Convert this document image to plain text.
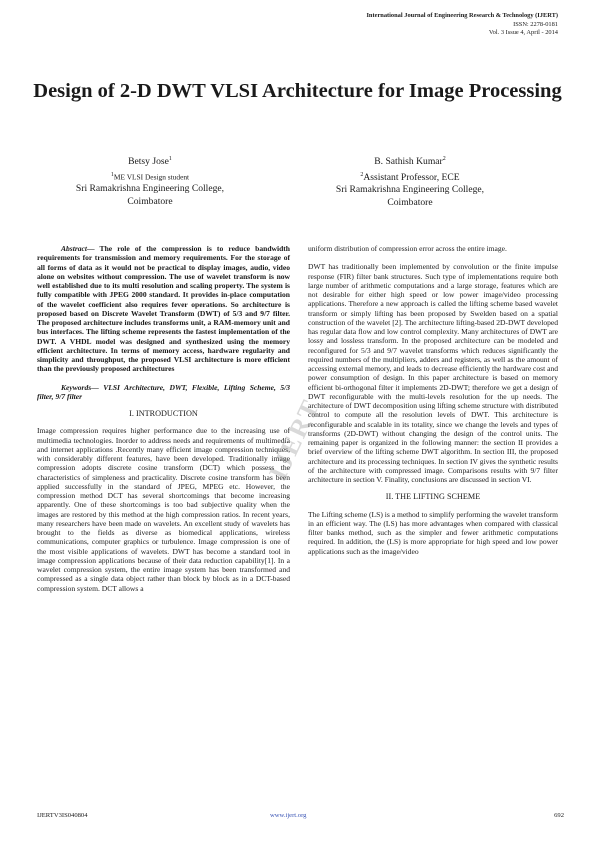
International Journal of Engineering Research & Technology (IJERT)
ISSN: 2278-0181
Vol. 3 Issue 4, April - 2014
Design of 2-D DWT VLSI Architecture for Image Processing
Betsy Jose$^1$
$^1$ME VLSI Design student
Sri Ramakrishna Engineering College,
Coimbatore
B. Sathish Kumar$^2$
$^2$Assistant Professor, ECE
Sri Ramakrishna Engineering College,
Coimbatore

Abstract— The role of the compression is to reduce bandwidth requirements for transmission and memory requirements. For the storage of all forms of data as it would not be practical to display images, audio, video alone on websites without compression. The use of wavelet transform is now well established due to its multi resolution and scaling property. The system is fully compatible with JPEG 2000 standard. It provides in-place computation of the wavelet coefficient also requires fever operations. So architecture is proposed based on Discrete Wavelet Transform (DWT) of 5/3 and 9/7 filter. The proposed architecture includes transforms unit, a RAM-memory unit and bus interfaces. The lifting scheme represents the fastest implementation of the DWT. A VHDL model was designed and synthesized using the memory efficient architecture. In terms of memory access, hardware regularity and simplicity and throughput, the proposed VLSI architecture is more efficient than the previously proposed architectures

Keywords— VLSI Architecture, DWT, Flexible, Lifting Scheme, 5/3 filter, 9/7 filter

I. INTRODUCTION

Image compression requires higher performance due to the increasing use of multimedia technologies. Inorder to address needs and requirements of multimedia and internet applications .Recently many efficient image compression techniques, with considerably different features, have been developed. Traditionally image compression adopts discrete cosine transform (DCT) which possess the characteristics of simpleness and practicality. Discrete cosine transform has been applied successfully in the standard of JPEG, MPEG etc. However, the compression method DCT has several shortcomings that become increasing apparently. One of these shortcomings is too bad subjective quality when the images are restored by this method at the high compression ratios. In recent years, many researchers have been made on wavelets. An excellent study of wavelets has brought to the fields as diverse as biomedical applications, wireless communications, computer graphics or turbulence. Image compression is one of the most visible applications of wavelets. DWT has become a standard tool in image compression applications because of their data reduction capability[1]. In a wavelet compression system, the entire image system has been transformed and compressed as a single data object rather than block by block as in a DCT-based compression system. DCT allows a

uniform distribution of compression error across the entire image.

DWT has traditionally been implemented by convolution or the finite impulse response (FIR) filter bank structures. Such type of implementations require both large number of arithmetic computations and a large storage, features which are not desirable for either high speed or low power image/video processing applications. Therefore a new approach is called the lifting scheme based wavelet transform or simply lifting has been proposed by Swelden based on a spatial construction of the wavelet [2]. The architecture lifting-based 2D-DWT developed has regular data flow and low control complexity. Many architectures of DWT are lossy and lossless transform. In the proposed architecture can be modeled and reconfigured for 5/3 and 9/7 wavelet transforms which reduces significantly the required numbers of the multipliers, adders and registers, as well as the amount of accessing external memory, and leads to decrease efficiently the hardware cost and power consumption of design. In this paper architecture is based on memory efficient bi-orthogonal filter it implements 2D-DWT; therefore we get a design of DWT reconfigurable with the multi-levels resolution for the up needs. The architecture of DWT decomposition using lifting scheme structure with distributed control to compute all the resolution levels of DWT. This architecture is reconfigurable and scalable in its totality, since we change the levels and types of transforms (2D-DWT) without changing the design of the control units. The remaining paper is organized in the following manner: the section II provides a brief overview of the lifting scheme DWT algorithm. In section III, the proposed architecture and its processing techniques. In section IV gives the synthetic results of the architecture with compressed image. Comparisons results with 9/7 filter architecture in section V. Finality, conclusions are discussed in section VI.

II. THE LIFTING SCHEME

The Lifting scheme (LS) is a method to simplify performing the wavelet transform in an efficient way. The (LS) has more advantages when compared with classical filter banks method, such as the simpler and fewer arithmetic computations required. In addition, the (LS) is more appropriate for high speed and low power applications such as the image/video

IJERT
IJERTV3IS040804	www.ijert.org	692
